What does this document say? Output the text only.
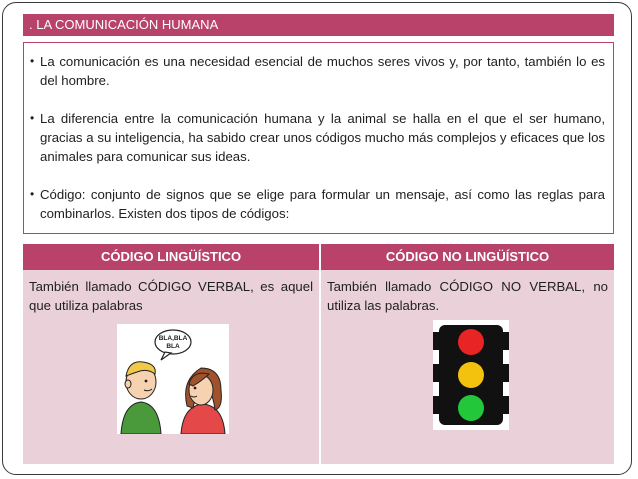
. LA COMUNICACIÓN HUMANA
• La comunicación es una necesidad esencial de muchos seres vivos y, por tanto, también lo es del hombre.
• La diferencia entre la comunicación humana y la animal se halla en el que el ser humano, gracias a su inteligencia, ha sabido crear unos códigos mucho más complejos y eficaces que los animales para comunicar sus ideas.
• Código: conjunto de signos que se elige para formular un mensaje, así como las reglas para combinarlos. Existen dos tipos de códigos:
CÓDIGO LINGÜÍSTICO	CÓDIGO NO LINGÜÍSTICO
También llamado CÓDIGO VERBAL, es aquel que utiliza palabras
BLA,BLA
BLA
También llamado CÓDIGO NO VERBAL, no utiliza las palabras.
